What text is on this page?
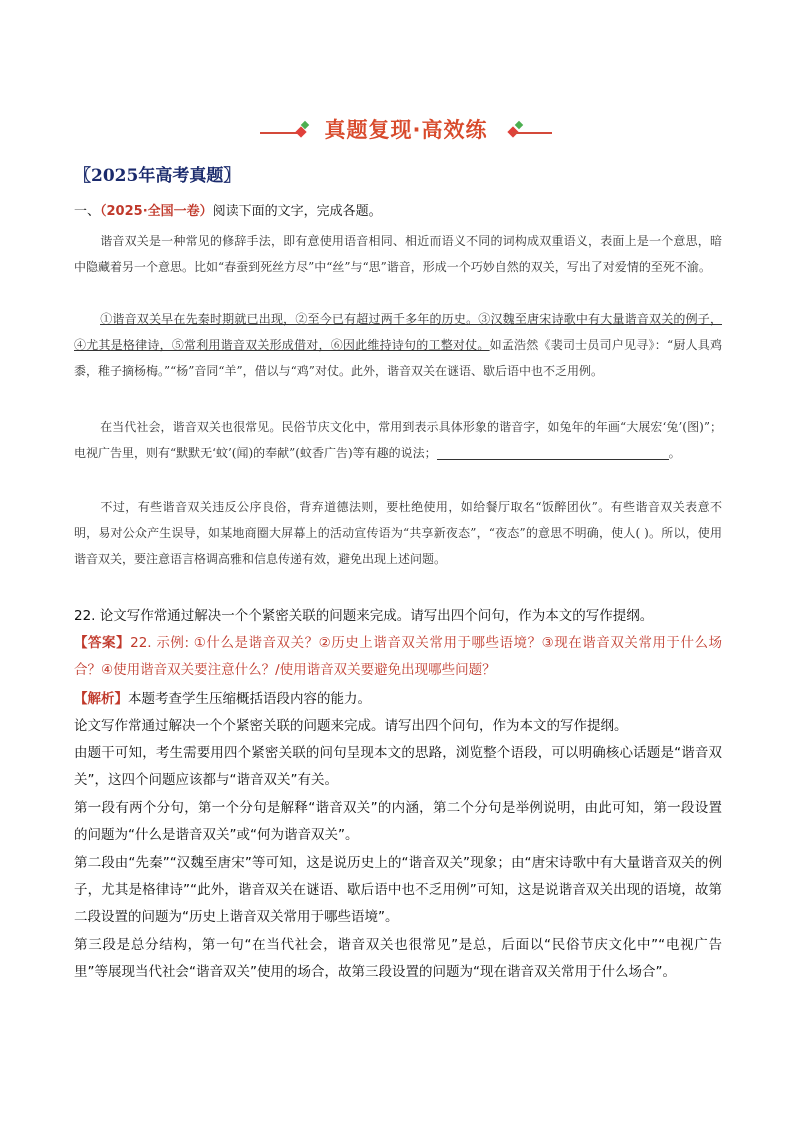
真题复现·高效练
〖2025年高考真题〗
一、（2025·全国一卷）阅读下面的文字，完成各题。

谐音双关是一种常见的修辞手法，即有意使用语音相同、相近而语义不同的词构成双重语义，表面上是一个意思，暗中隐藏着另一个意思。比如“春蚕到死丝方尽”中“丝”与“思”谐音，形成一个巧妙自然的双关，写出了对爱情的至死不渝。

①谐音双关早在先秦时期就已出现，②至今已有超过两千多年的历史。③汉魏至唐宋诗歌中有大量谐音双关的例子，④尤其是格律诗，⑤常利用谐音双关形成借对，⑥因此维持诗句的工整对仗。如孟浩然《裴司士员司户见寻》：“厨人具鸡黍，稚子摘杨梅。”“杨”音同“羊”，借以与“鸡”对仗。此外，谐音双关在谜语、歇后语中也不乏用例。

在当代社会，谐音双关也很常见。民俗节庆文化中，常用到表示具体形象的谐音字，如兔年的年画“大展宏‘兔’(图)”；电视广告里，则有“默默无‘蚊’(闻)的奉献”(蚊香广告)等有趣的说法；	。

不过，有些谐音双关违反公序良俗，背弃道德法则，要杜绝使用，如给餐厅取名“饭醉团伙”。有些谐音双关表意不明，易对公众产生误导，如某地商圈大屏幕上的活动宣传语为“共享新夜态”，“夜态”的意思不明确，使人( )。所以，使用谐音双关，要注意语言格调高雅和信息传递有效，避免出现上述问题。

22. 论文写作常通过解决一个个紧密关联的问题来完成。请写出四个问句，作为本文的写作提纲。

【答案】22. 示例: ①什么是谐音双关？②历史上谐音双关常用于哪些语境？③现在谐音双关常用于什么场合？④使用谐音双关要注意什么？/使用谐音双关要避免出现哪些问题？

【解析】本题考查学生压缩概括语段内容的能力。

论文写作常通过解决一个个紧密关联的问题来完成。请写出四个问句，作为本文的写作提纲。

由题干可知，考生需要用四个紧密关联的问句呈现本文的思路，浏览整个语段，可以明确核心话题是“谐音双关”，这四个问题应该都与“谐音双关”有关。

第一段有两个分句，第一个分句是解释“谐音双关”的内涵，第二个分句是举例说明，由此可知，第一段设置的问题为“什么是谐音双关”或“何为谐音双关”。

第二段由“先秦”“汉魏至唐宋”等可知，这是说历史上的“谐音双关”现象；由“唐宋诗歌中有大量谐音双关的例子，尤其是格律诗”“此外，谐音双关在谜语、歇后语中也不乏用例”可知，这是说谐音双关出现的语境，故第二段设置的问题为“历史上谐音双关常用于哪些语境”。

第三段是总分结构，第一句“在当代社会，谐音双关也很常见”是总，后面以“民俗节庆文化中”“电视广告里”等展现当代社会“谐音双关”使用的场合，故第三段设置的问题为“现在谐音双关常用于什么场合”。
